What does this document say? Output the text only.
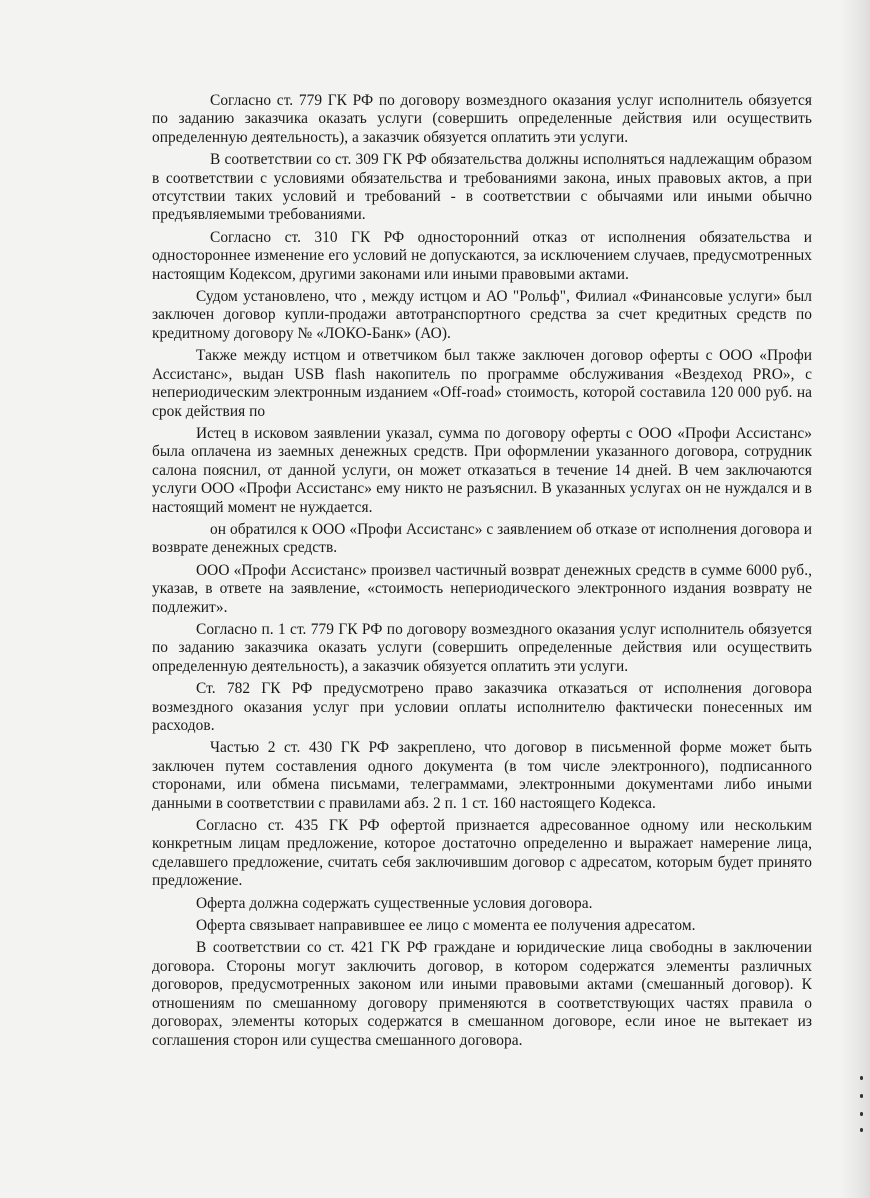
Согласно ст. 779 ГК РФ по договору возмездного оказания услуг исполнитель обязуется по заданию заказчика оказать услуги (совершить определенные действия или осуществить определенную деятельность), а заказчик обязуется оплатить эти услуги.

В соответствии со ст. 309 ГК РФ обязательства должны исполняться надлежащим образом в соответствии с условиями обязательства и требованиями закона, иных правовых актов, а при отсутствии таких условий и требований - в соответствии с обычаями или иными обычно предъявляемыми требованиями.

Согласно ст. 310 ГК РФ односторонний отказ от исполнения обязательства и одностороннее изменение его условий не допускаются, за исключением случаев, предусмотренных настоящим Кодексом, другими законами или иными правовыми актами.

Судом установлено, что , между истцом и АО "Рольф", Филиал «Финансовые услуги» был заключен договор купли-продажи автотранспортного средства за счет кредитных средств по кредитному договору № «ЛОКО-Банк» (АО).

Также между истцом и ответчиком был также заключен договор оферты с ООО «Профи Ассистанс», выдан USB flash накопитель по программе обслуживания «Вездеход PRO», с непериодическим электронным изданием «Off-road» стоимость, которой составила 120 000 руб. на срок действия по

Истец в исковом заявлении указал, сумма по договору оферты с ООО «Профи Ассистанс» была оплачена из заемных денежных средств. При оформлении указанного договора, сотрудник салона пояснил, от данной услуги, он может отказаться в течение 14 дней. В чем заключаются услуги ООО «Профи Ассистанс» ему никто не разъяснил. В указанных услугах он не нуждался и в настоящий момент не нуждается.

он обратился к ООО «Профи Ассистанс» с заявлением об отказе от исполнения договора и возврате денежных средств.

ООО «Профи Ассистанс» произвел частичный возврат денежных средств в сумме 6000 руб., указав, в ответе на заявление, «стоимость непериодического электронного издания возврату не подлежит».

Согласно п. 1 ст. 779 ГК РФ по договору возмездного оказания услуг исполнитель обязуется по заданию заказчика оказать услуги (совершить определенные действия или осуществить определенную деятельность), а заказчик обязуется оплатить эти услуги.

Ст. 782 ГК РФ предусмотрено право заказчика отказаться от исполнения договора возмездного оказания услуг при условии оплаты исполнителю фактически понесенных им расходов.

Частью 2 ст. 430 ГК РФ закреплено, что договор в письменной форме может быть заключен путем составления одного документа (в том числе электронного), подписанного сторонами, или обмена письмами, телеграммами, электронными документами либо иными данными в соответствии с правилами абз. 2 п. 1 ст. 160 настоящего Кодекса.

Согласно ст. 435 ГК РФ офертой признается адресованное одному или нескольким конкретным лицам предложение, которое достаточно определенно и выражает намерение лица, сделавшего предложение, считать себя заключившим договор с адресатом, которым будет принято предложение.

Оферта должна содержать существенные условия договора.

Оферта связывает направившее ее лицо с момента ее получения адресатом.

В соответствии со ст. 421 ГК РФ граждане и юридические лица свободны в заключении договора. Стороны могут заключить договор, в котором содержатся элементы различных договоров, предусмотренных законом или иными правовыми актами (смешанный договор). К отношениям по смешанному договору применяются в соответствующих частях правила о договорах, элементы которых содержатся в смешанном договоре, если иное не вытекает из соглашения сторон или существа смешанного договора.
